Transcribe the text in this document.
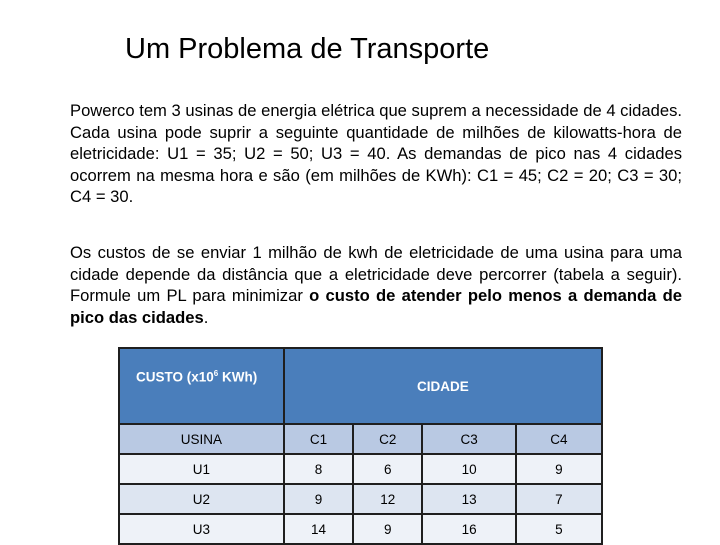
Um Problema de Transporte
Powerco tem 3 usinas de energia elétrica que suprem a necessidade de 4 cidades. Cada usina pode suprir a seguinte quantidade de milhões de kilowatts-hora de eletricidade: U1 = 35; U2 = 50; U3 = 40. As demandas de pico nas 4 cidades ocorrem na mesma hora e são (em milhões de KWh): C1 = 45; C2 = 20; C3 = 30; C4 = 30.
Os custos de se enviar 1 milhão de kwh de eletricidade de uma usina para uma cidade depende da distância que a eletricidade deve percorrer (tabela a seguir). Formule um PL para minimizar o custo de atender pelo menos a demanda de pico das cidades.
CUSTO ($x10^6$ KWh)	CIDADE			
USINA	C1	C2	C3	C4
U1	8	6	10	9
U2	9	12	13	7
U3	14	9	16	5
